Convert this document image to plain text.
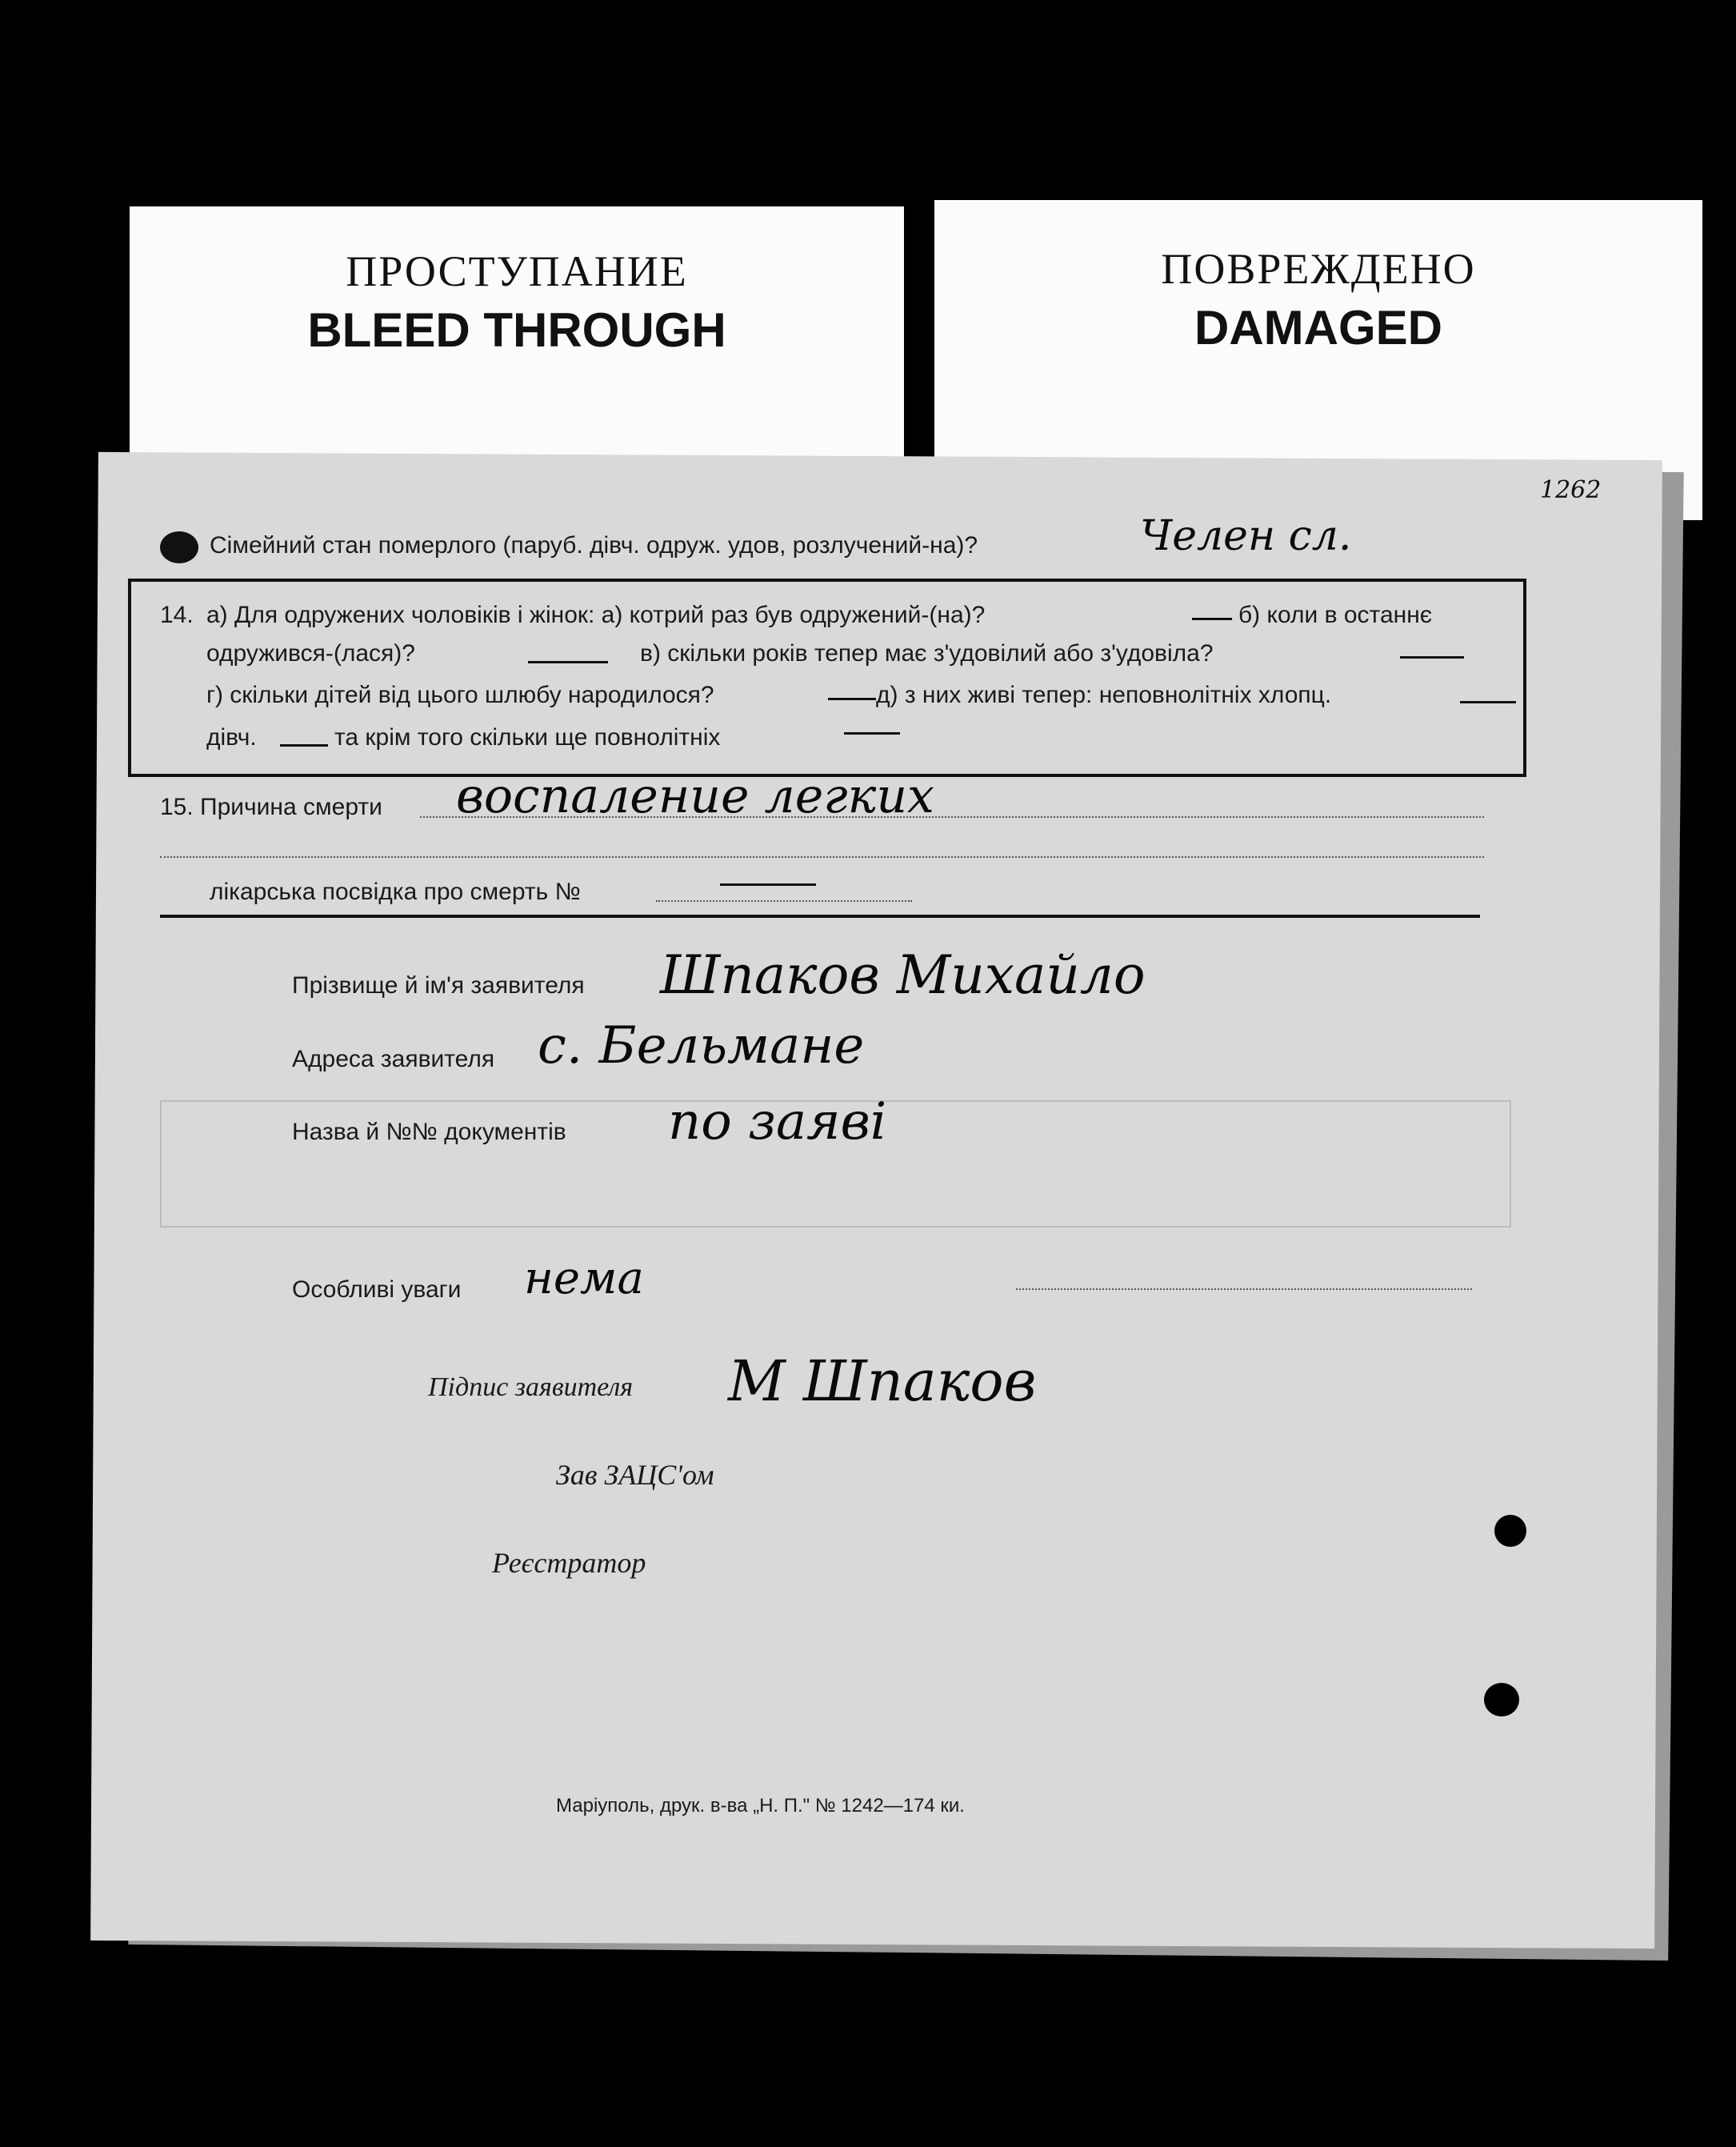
ПРОСТУПАНИЕ
BLEED THROUGH
ПОВРЕЖДЕНО
DAMAGED
1262
Сімейний стан померлого (паруб. дівч. одруж. удов, розлучений-на)?	Челен сл.
14. а) Для одружених чоловіків і жінок: а) котрий раз був одружений-(на)?	б) коли в останнє
одружився-(лася)?	в) скільки років тепер має з'удовілий або з'удовіла?
г) скільки дітей від цього шлюбу народилося?	д) з них живі тепер: неповнолітніх хлопц.
дівч.	та крім того скільки ще повнолітніх
15. Причина смерти воспаление легких
лікарська посвідка про смерть №
Прізвище й ім'я заявителя Шпаков Михайло
Адреса заявителя с. Бельмане
Назва й №№ документів по заяві
Особливі уваги нема
Підпис заявителя М Шпаков
Зав ЗАЦС'ом
Реєстратор
Маріуполь, друк. в-ва „Н. П." № 1242—174 ки.
